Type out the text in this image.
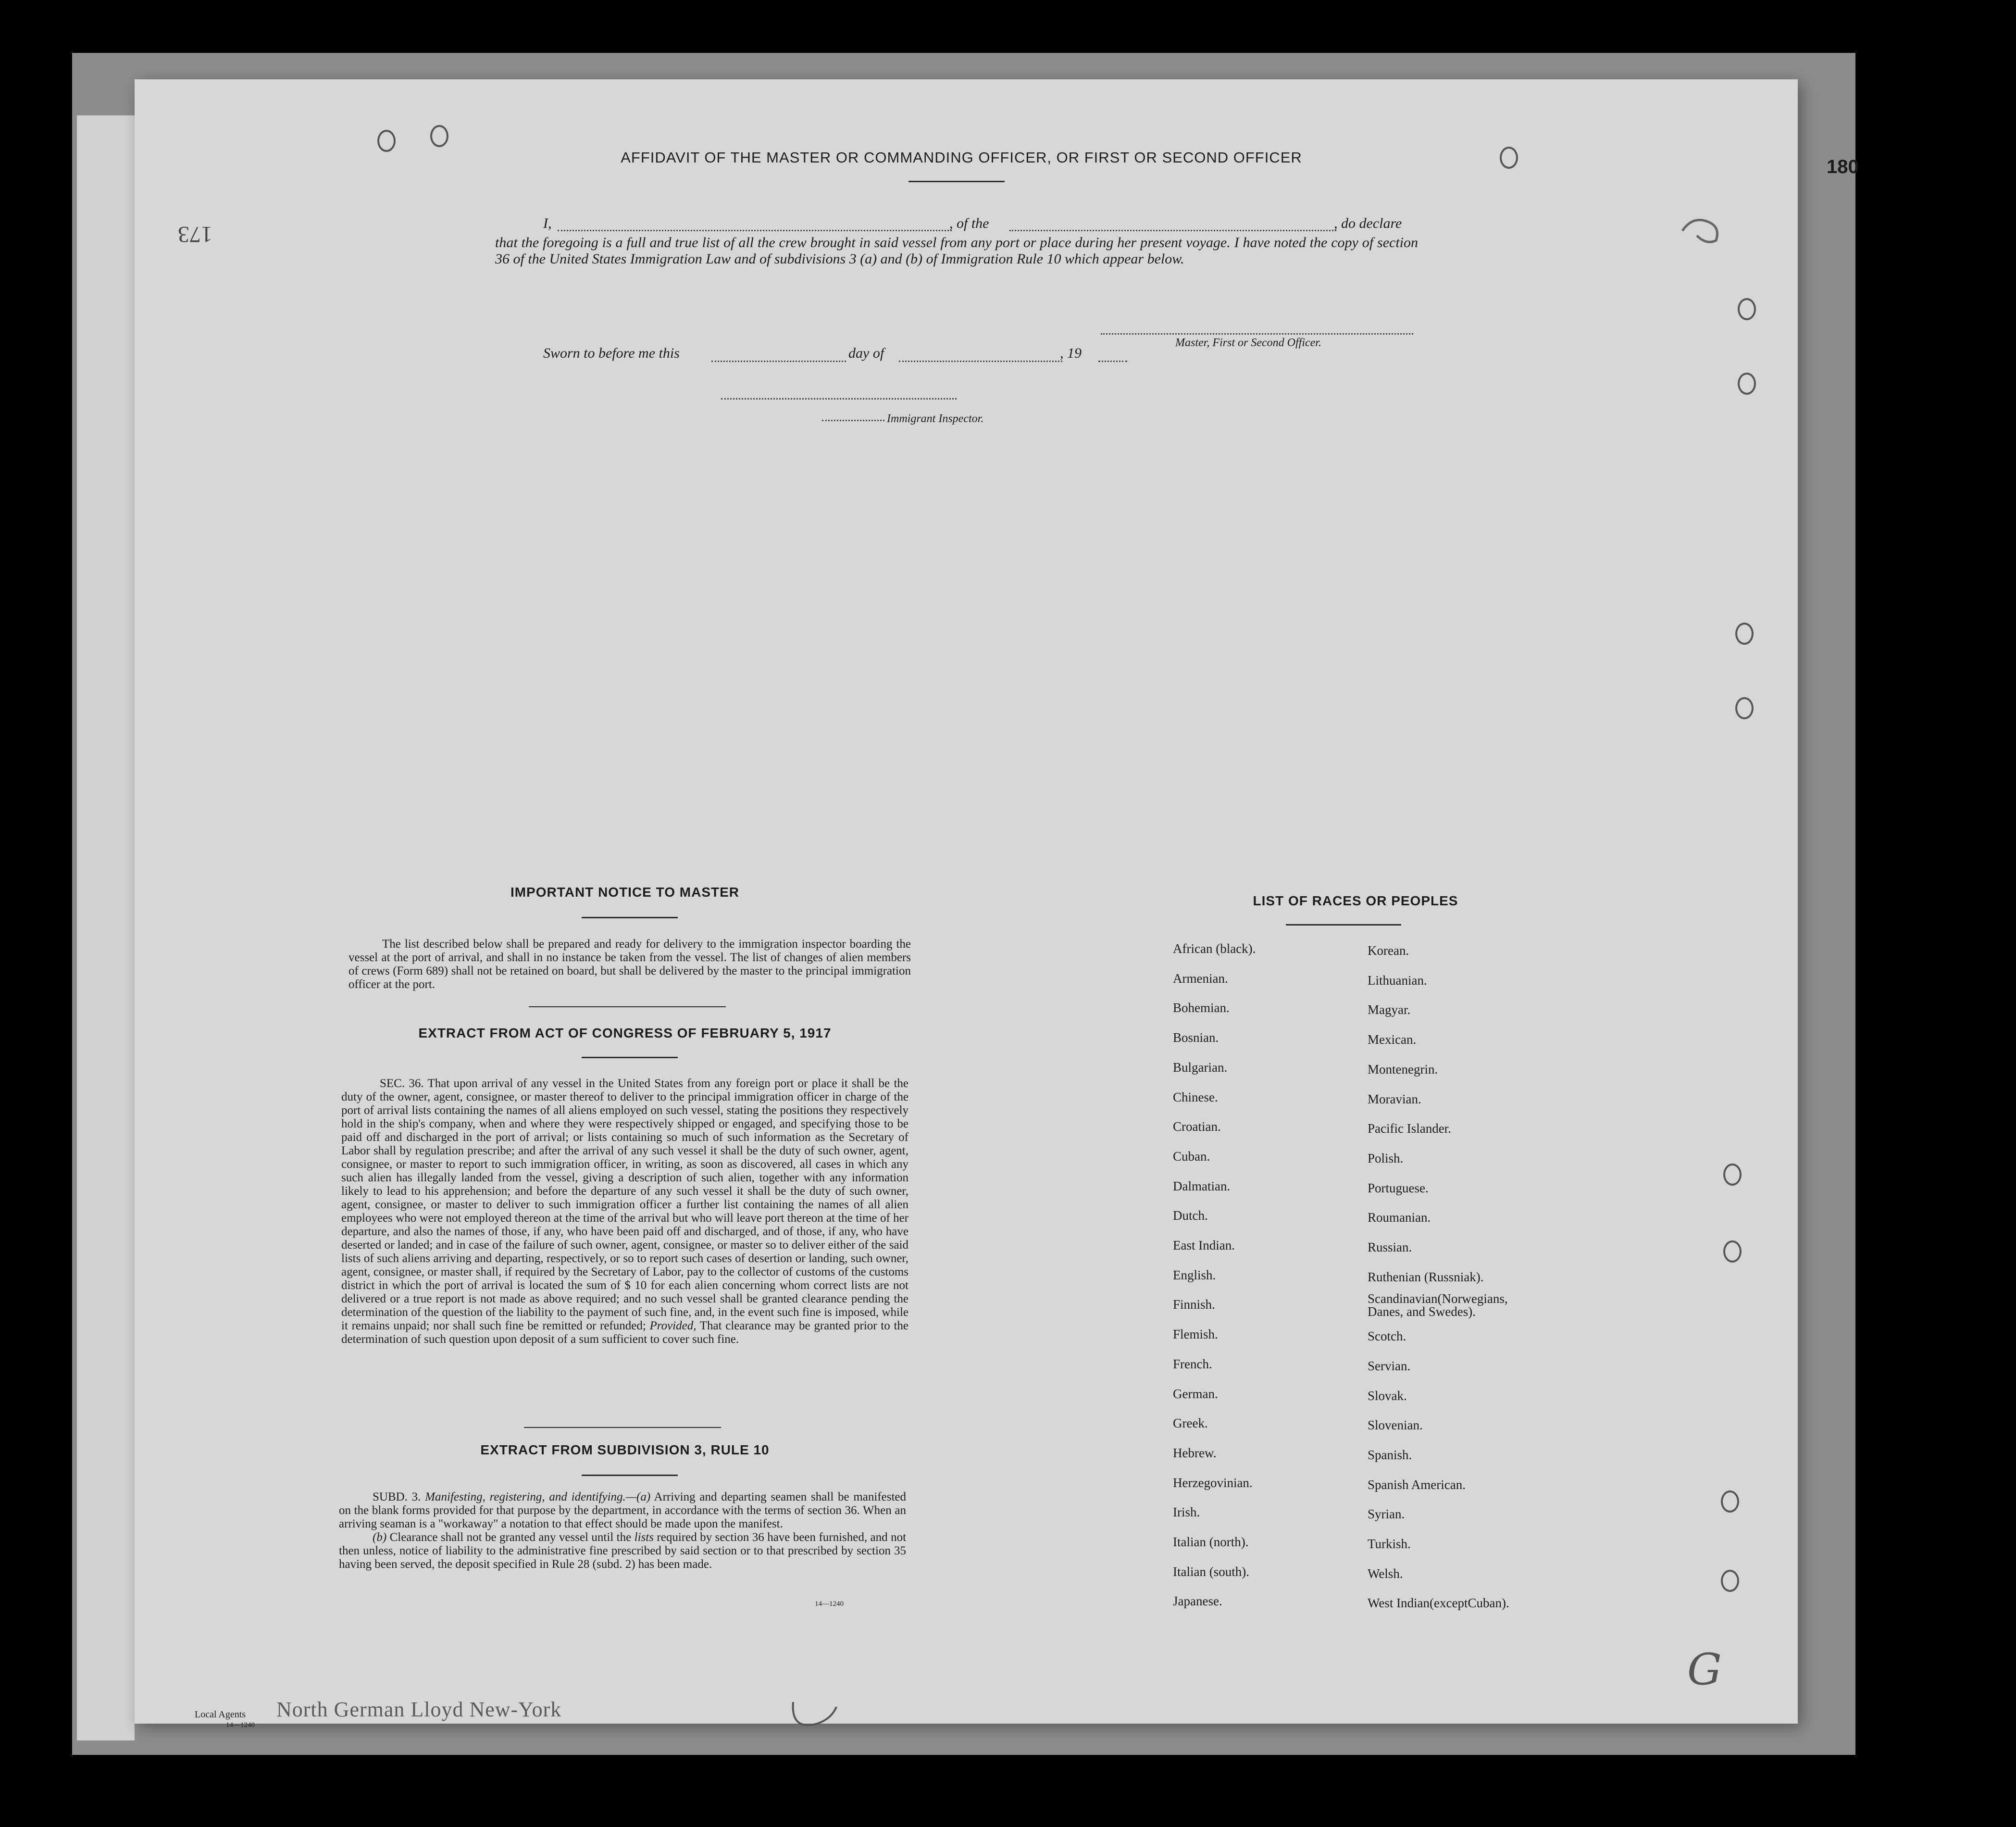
180
173
AFFIDAVIT OF THE MASTER OR COMMANDING OFFICER, OR FIRST OR SECOND OFFICER
I,	, of the	, do declare
that the foregoing is a full and true list of all the crew brought in said vessel from any port or place during her present voyage. I have noted the copy of section 36 of the United States Immigration Law and of subdivisions 3 (a) and (b) of Immigration Rule 10 which appear below.
Master, First or Second Officer.
Sworn to before me this	day of	, 19
Immigrant Inspector.
IMPORTANT NOTICE TO MASTER
The list described below shall be prepared and ready for delivery to the immigration inspector boarding the vessel at the port of arrival, and shall in no instance be taken from the vessel. The list of changes of alien members of crews (Form 689) shall not be retained on board, but shall be delivered by the master to the principal immigration officer at the port.
EXTRACT FROM ACT OF CONGRESS OF FEBRUARY 5, 1917
SEC. 36. That upon arrival of any vessel in the United States from any foreign port or place it shall be the duty of the owner, agent, consignee, or master thereof to deliver to the principal immigration officer in charge of the port of arrival lists containing the names of all aliens employed on such vessel, stating the positions they respectively hold in the ship's company, when and where they were respectively shipped or engaged, and specifying those to be paid off and discharged in the port of arrival; or lists containing so much of such information as the Secretary of Labor shall by regulation prescribe; and after the arrival of any such vessel it shall be the duty of such owner, agent, consignee, or master to report to such immigration officer, in writing, as soon as discovered, all cases in which any such alien has illegally landed from the vessel, giving a description of such alien, together with any information likely to lead to his apprehension; and before the departure of any such vessel it shall be the duty of such owner, agent, consignee, or master to deliver to such immigration officer a further list containing the names of all alien employees who were not employed thereon at the time of the arrival but who will leave port thereon at the time of her departure, and also the names of those, if any, who have been paid off and discharged, and of those, if any, who have deserted or landed; and in case of the failure of such owner, agent, consignee, or master so to deliver either of the said lists of such aliens arriving and departing, respectively, or so to report such cases of desertion or landing, such owner, agent, consignee, or master shall, if required by the Secretary of Labor, pay to the collector of customs of the customs district in which the port of arrival is located the sum of $ 10 for each alien concerning whom correct lists are not delivered or a true report is not made as above required; and no such vessel shall be granted clearance pending the determination of the question of the liability to the payment of such fine, and, in the event such fine is imposed, while it remains unpaid; nor shall such fine be remitted or refunded; Provided, That clearance may be granted prior to the determination of such question upon deposit of a sum sufficient to cover such fine.
EXTRACT FROM SUBDIVISION 3, RULE 10
SUBD. 3. Manifesting, registering, and identifying.—(a) Arriving and departing seamen shall be manifested on the blank forms provided for that purpose by the department, in accordance with the terms of section 36. When an arriving seaman is a "workaway" a notation to that effect should be made upon the manifest.
(b) Clearance shall not be granted any vessel until the lists required by section 36 have been furnished, and not then unless, notice of liability to the administrative fine prescribed by said section or to that prescribed by section 35 having been served, the deposit specified in Rule 28 (subd. 2) has been made.
14—1240
LIST OF RACES OR PEOPLES
African (black).
Armenian.
Bohemian.
Bosnian.
Bulgarian.
Chinese.
Croatian.
Cuban.
Dalmatian.
Dutch.
East Indian.
English.
Finnish.
Flemish.
French.
German.
Greek.
Hebrew.
Herzegovinian.
Irish.
Italian (north).
Italian (south).
Japanese.
Korean.
Lithuanian.
Magyar.
Mexican.
Montenegrin.
Moravian.
Pacific Islander.
Polish.
Portuguese.
Roumanian.
Russian.
Ruthenian (Russniak).
Scandinavian(Norwegians, Danes, and Swedes).
Scotch.
Servian.
Slovak.
Slovenian.
Spanish.
Spanish American.
Syrian.
Turkish.
Welsh.
West Indian(exceptCuban).
Local Agents
14—1240
North German Lloyd New-York
G
